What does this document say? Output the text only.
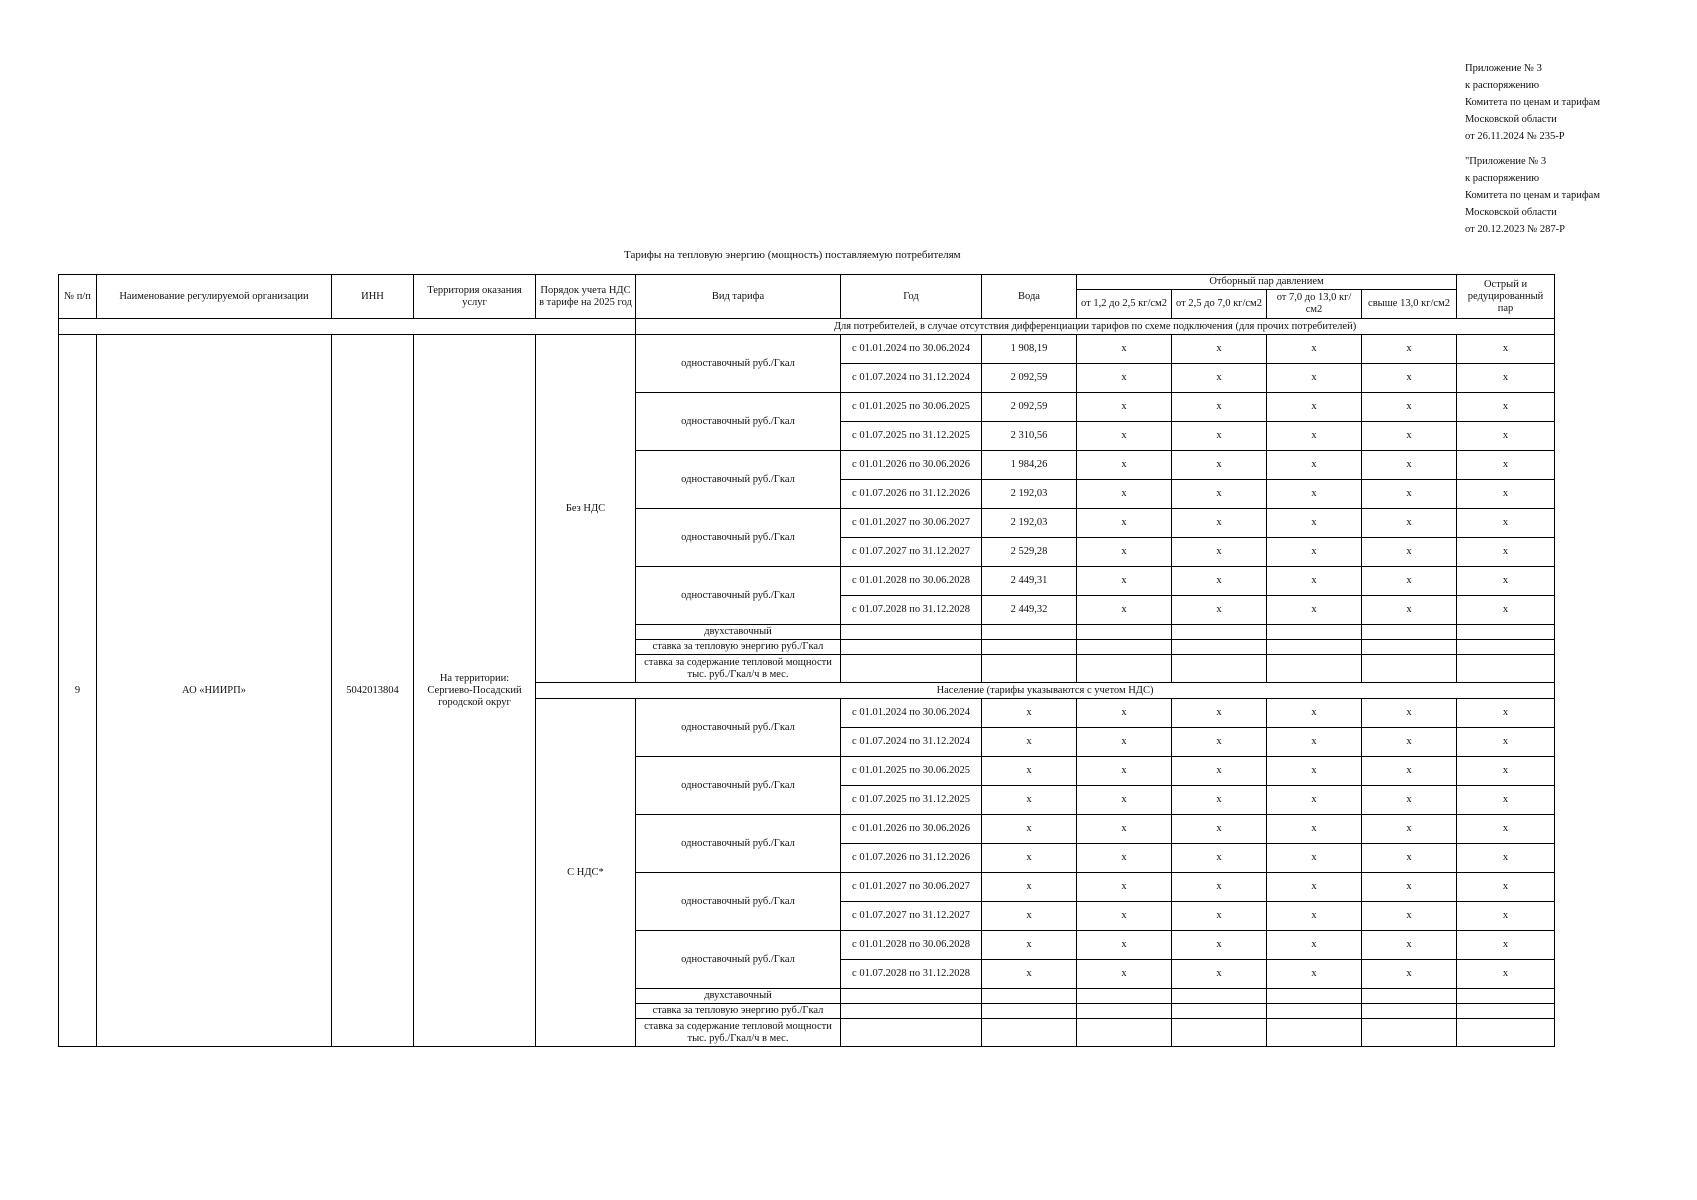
Приложение № 3
к распоряжению
Комитета по ценам и тарифам
Московской области
от 26.11.2024 № 235-Р
"Приложение № 3
к распоряжению
Комитета по ценам и тарифам
Московской области
от 20.12.2023 № 287-Р
Тарифы на тепловую энергию (мощность) поставляемую потребителям
№ п/п	Наименование регулируемой организации	ИНН	Территория оказания услуг	Порядок учета НДС в тарифе на 2025 год	Вид тарифа	Год	Вода	Отборный пар давлением				Острый и редуцированный пар
								от 1,2 до 2,5 кг/см2	от 2,5 до 7,0 кг/см2	от 7,0 до 13,0 кг/см2	свыше 13,0 кг/см2	
					Для потребителей, в случае отсутствия дифференциации тарифов по схеме подключения (для прочих потребителей)							
9	АО «НИИРП»	5042013804	На территории: Сергиево-Посадский городской округ	Без НДС	одноставочный руб./Гкал	с 01.01.2024 по 30.06.2024	1 908,19	x	x	x	x	x
						с 01.07.2024 по 31.12.2024	2 092,59	x	x	x	x	x
					одноставочный руб./Гкал	с 01.01.2025 по 30.06.2025	2 092,59	x	x	x	x	x
						с 01.07.2025 по 31.12.2025	2 310,56	x	x	x	x	x
					одноставочный руб./Гкал	с 01.01.2026 по 30.06.2026	1 984,26	x	x	x	x	x
						с 01.07.2026 по 31.12.2026	2 192,03	x	x	x	x	x
					одноставочный руб./Гкал	с 01.01.2027 по 30.06.2027	2 192,03	x	x	x	x	x
						с 01.07.2027 по 31.12.2027	2 529,28	x	x	x	x	x
					одноставочный руб./Гкал	с 01.01.2028 по 30.06.2028	2 449,31	x	x	x	x	x
						с 01.07.2028 по 31.12.2028	2 449,32	x	x	x	x	x
					двухставочный							
					ставка за тепловую энергию руб./Гкал							
					ставка за содержание тепловой мощности тыс. руб./Гкал/ч в мес.							
				Население (тарифы указываются с учетом НДС)								
				С НДС*	одноставочный руб./Гкал	с 01.01.2024 по 30.06.2024	x	x	x	x	x	x
						с 01.07.2024 по 31.12.2024	x	x	x	x	x	x
					одноставочный руб./Гкал	с 01.01.2025 по 30.06.2025	x	x	x	x	x	x
						с 01.07.2025 по 31.12.2025	x	x	x	x	x	x
					одноставочный руб./Гкал	с 01.01.2026 по 30.06.2026	x	x	x	x	x	x
						с 01.07.2026 по 31.12.2026	x	x	x	x	x	x
					одноставочный руб./Гкал	с 01.01.2027 по 30.06.2027	x	x	x	x	x	x
						с 01.07.2027 по 31.12.2027	x	x	x	x	x	x
					одноставочный руб./Гкал	с 01.01.2028 по 30.06.2028	x	x	x	x	x	x
						с 01.07.2028 по 31.12.2028	x	x	x	x	x	x
					двухставочный							
					ставка за тепловую энергию руб./Гкал							
					ставка за содержание тепловой мощности тыс. руб./Гкал/ч в мес.							
